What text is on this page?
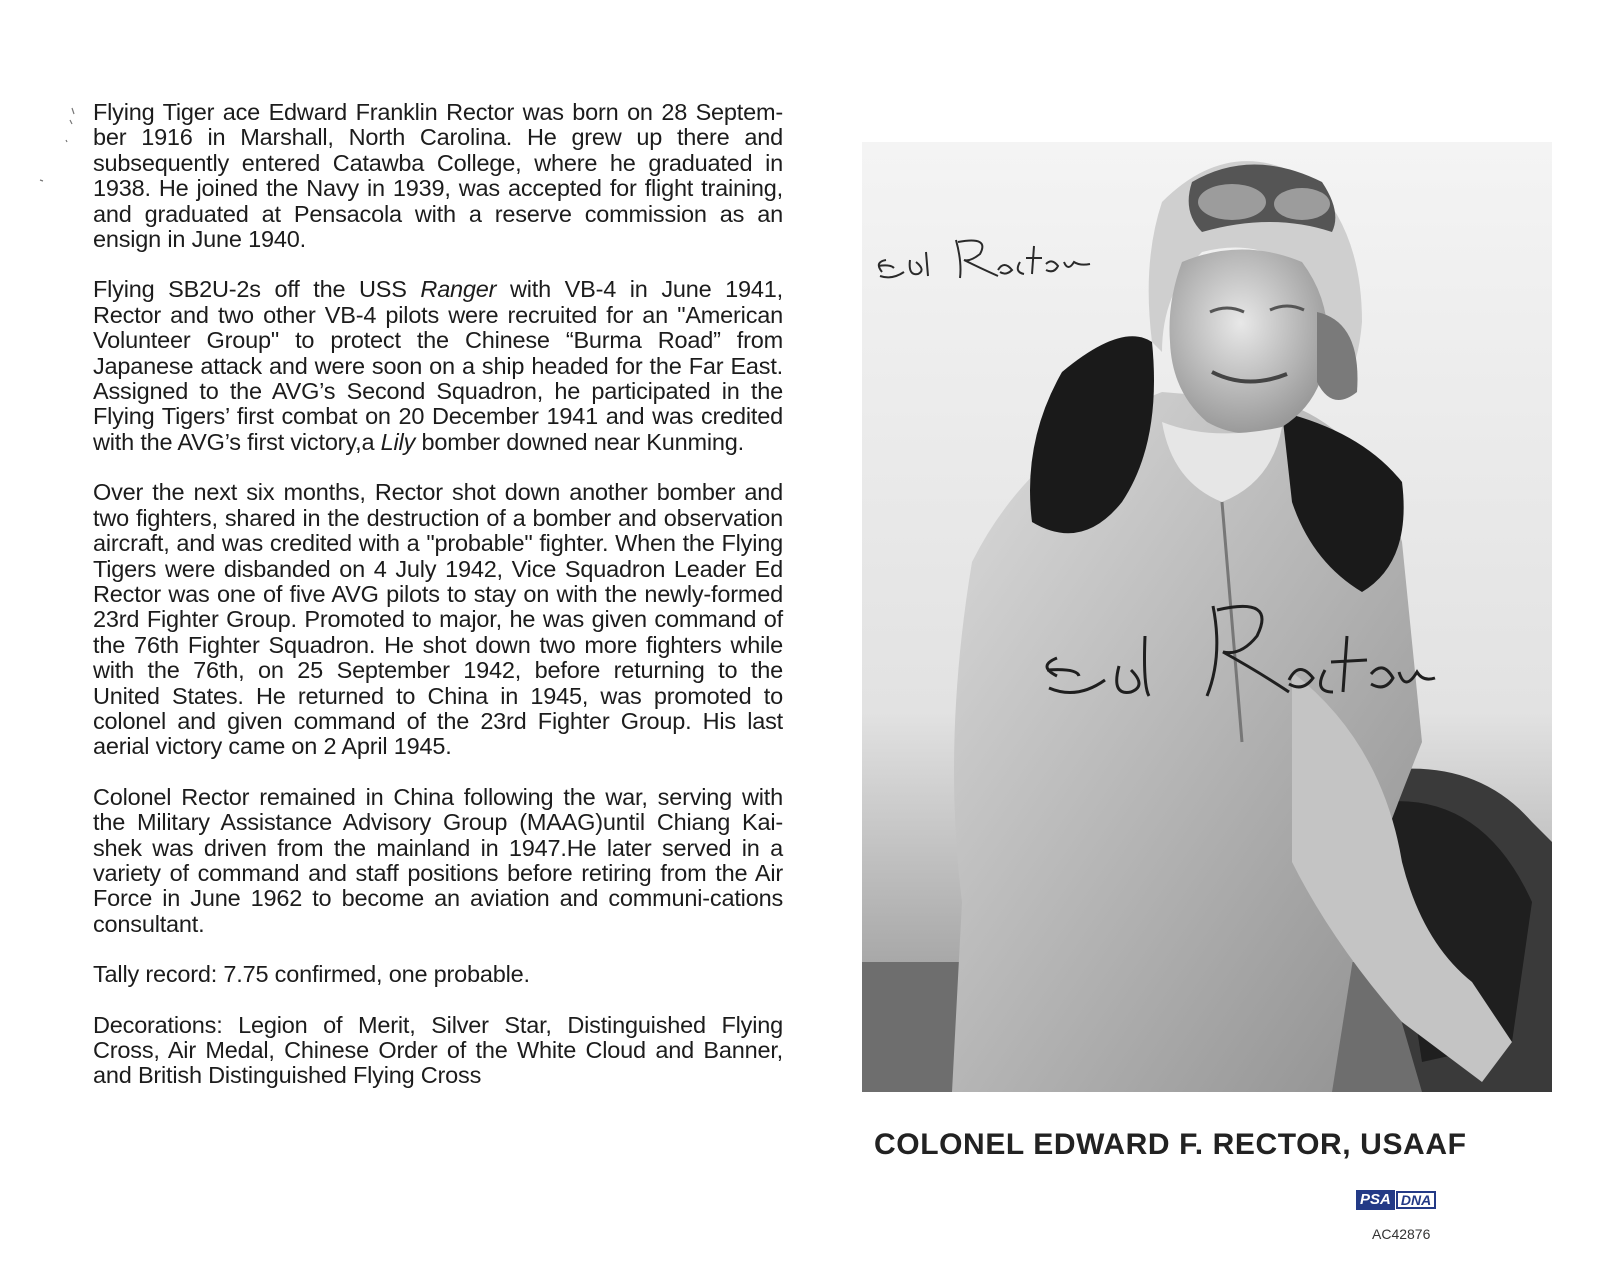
Flying Tiger ace Edward Franklin Rector was born on 28 Septem-ber 1916 in Marshall, North Carolina. He grew up there and subsequently entered Catawba College, where he graduated in 1938. He joined the Navy in 1939, was accepted for flight training, and graduated at Pensacola with a reserve commission as an ensign in June 1940.

Flying SB2U-2s off the USS Ranger with VB-4 in June 1941, Rector and two other VB-4 pilots were recruited for an "American Volunteer Group" to protect the Chinese “Burma Road” from Japanese attack and were soon on a ship headed for the Far East. Assigned to the AVG’s Second Squadron, he participated in the Flying Tigers’ first combat on 20 December 1941 and was credited with the AVG’s first victory,a Lily bomber downed near Kunming.

Over the next six months, Rector shot down another bomber and two fighters, shared in the destruction of a bomber and observation aircraft, and was credited with a "probable" fighter. When the Flying Tigers were disbanded on 4 July 1942, Vice Squadron Leader Ed Rector was one of five AVG pilots to stay on with the newly-formed 23rd Fighter Group. Promoted to major, he was given command of the 76th Fighter Squadron. He shot down two more fighters while with the 76th, on 25 September 1942, before returning to the United States. He returned to China in 1945, was promoted to colonel and given command of the 23rd Fighter Group. His last aerial victory came on 2 April 1945.

Colonel Rector remained in China following the war, serving with the Military Assistance Advisory Group (MAAG)until Chiang Kai-shek was driven from the mainland in 1947.He later served in a variety of command and staff positions before retiring from the Air Force in June 1962 to become an aviation and communi-cations consultant.

Tally record: 7.75 confirmed, one probable.

Decorations: Legion of Merit, Silver Star, Distinguished Flying Cross, Air Medal, Chinese Order of the White Cloud and Banner, and British Distinguished Flying Cross

COLONEL EDWARD F. RECTOR, USAAF
PSA DNA
AC42876
